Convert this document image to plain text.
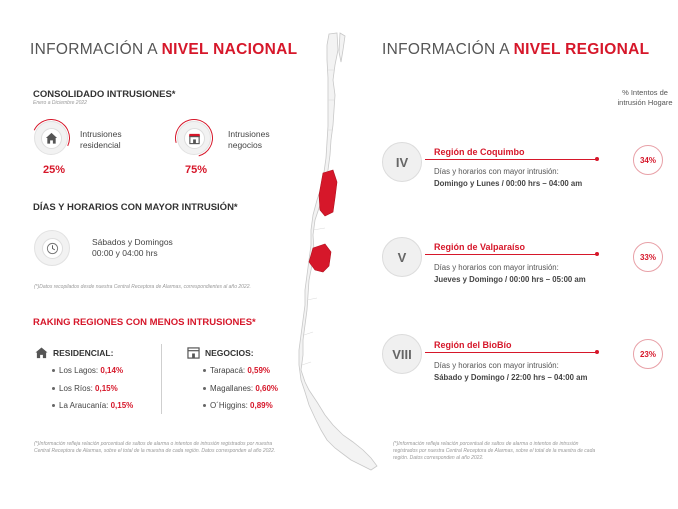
INFORMACIÓN A NIVEL NACIONAL
CONSOLIDADO INTRUSIONES*
Enero a Diciembre 2022
Intrusiones
residencial
25%
Intrusiones
negocios
75%
DÍAS Y HORARIOS CON MAYOR INTRUSIÓN*
Sábados y Domingos
00:00 y 04:00 hrs
(*)Datos recopilados desde nuestra Central Receptora de Alarmas, correspondientes al año 2022.
RAKING REGIONES CON MENOS INTRUSIONES*
RESIDENCIAL:
Los Lagos: 0,14%
Los Ríos: 0,15%
La Araucanía: 0,15%
NEGOCIOS:
Tarapacá: 0,59%
Magallanes: 0,60%
O´Higgins: 0,89%
(*)Información refleja relación porcentual de saltos de alarma o intentos de intrusión registrados por nuestra Central Receptora de Alarmas, sobre el total de la muestra de cada región. Datos corresponden al año 2022.
INFORMACIÓN A NIVEL REGIONAL
% Intentos de
intrusión Hogare
IV
Región de Coquimbo
Días y horarios con mayor intrusión:
Domingo y Lunes / 00:00 hrs – 04:00 am
34%
V
Región de Valparaíso
Días y horarios con mayor intrusión:
Jueves y Domingo / 00:00 hrs – 05:00 am
33%
VIII
Región del BioBío
Días y horarios con mayor intrusión:
Sábado y Domingo / 22:00 hrs – 04:00 am
23%
(*)Información refleja relación porcentual de saltos de alarma o intentos de intrusión registrados por nuestra Central Receptora de Alarmas, sobre el total de la muestra de cada región. Datos corresponden al año 2022.
